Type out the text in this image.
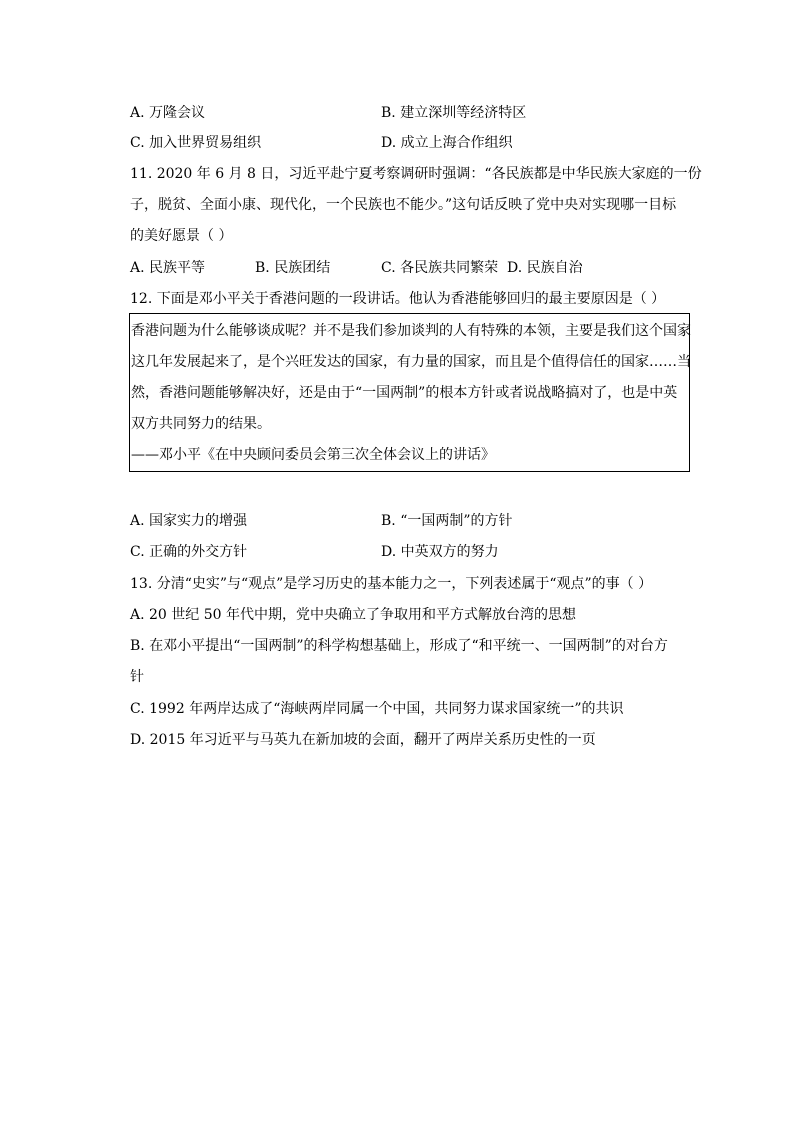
A. 万隆会议	B. 建立深圳等经济特区
C. 加入世界贸易组织	D. 成立上海合作组织
11. 2020 年 6 月 8 日，习近平赴宁夏考察调研时强调：“各民族都是中华民族大家庭的一份
子，脱贫、全面小康、现代化，一个民族也不能少。”这句话反映了党中央对实现哪一目标
的美好愿景（ ）
A. 民族平等	B. 民族团结	C. 各民族共同繁荣 D. 民族自治
12. 下面是邓小平关于香港问题的一段讲话。他认为香港能够回归的最主要原因是（ ）
香港问题为什么能够谈成呢？并不是我们参加谈判的人有特殊的本领，主要是我们这个国家
这几年发展起来了，是个兴旺发达的国家，有力量的国家，而且是个值得信任的国家……当
然，香港问题能够解决好，还是由于“一国两制”的根本方针或者说战略搞对了，也是中英
双方共同努力的结果。
——邓小平《在中央顾问委员会第三次全体会议上的讲话》
A. 国家实力的增强	B. “一国两制”的方针
C. 正确的外交方针	D. 中英双方的努力
13. 分清“史实”与“观点”是学习历史的基本能力之一，下列表述属于“观点”的事（ ）
A. 20 世纪 50 年代中期，党中央确立了争取用和平方式解放台湾的思想
B. 在邓小平提出“一国两制”的科学构想基础上，形成了“和平统一、一国两制”的对台方
针
C. 1992 年两岸达成了“海峡两岸同属一个中国，共同努力谋求国家统一”的共识
D. 2015 年习近平与马英九在新加坡的会面，翻开了两岸关系历史性的一页
